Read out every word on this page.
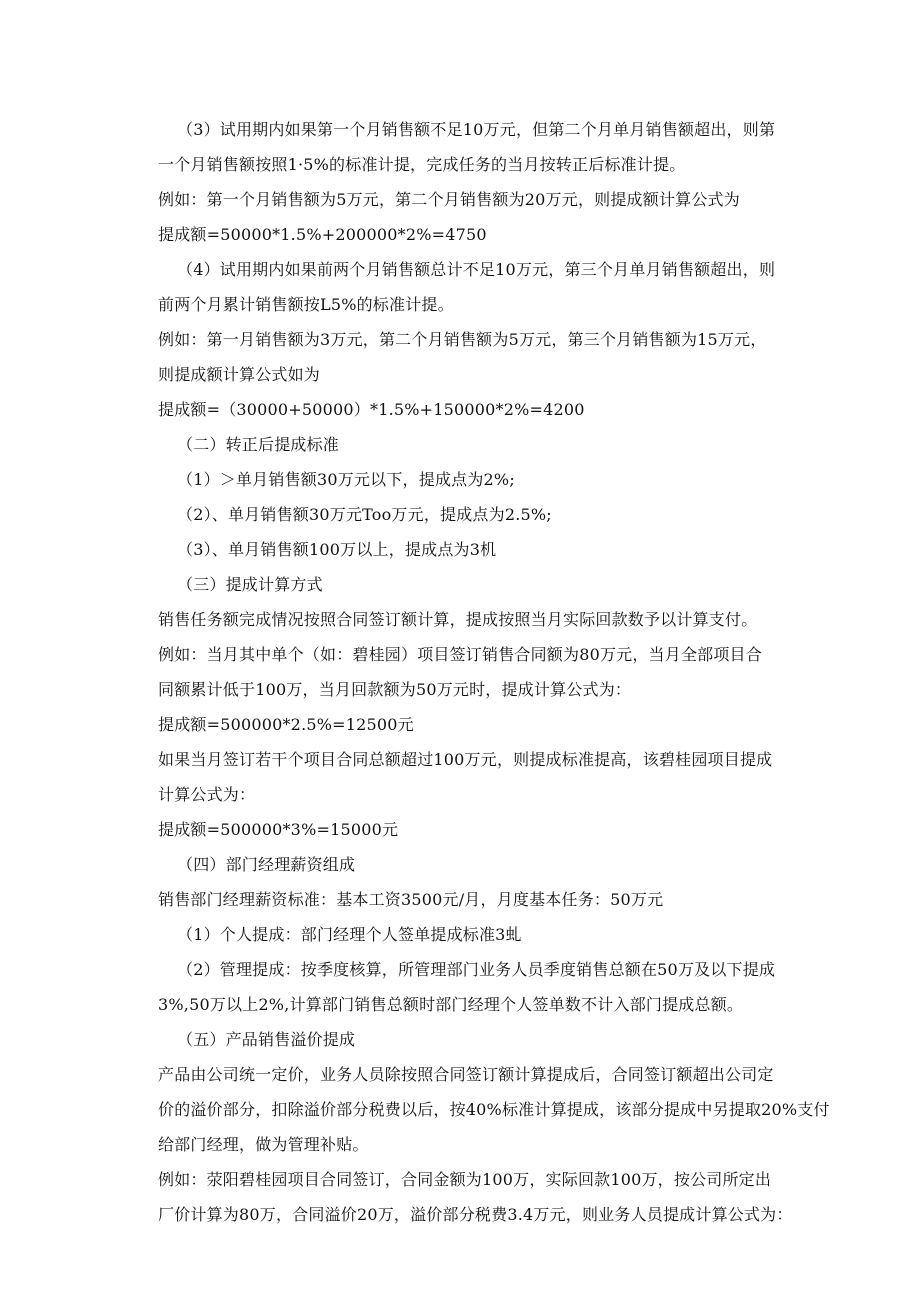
（3）试用期内如果第一个月销售额不足10万元，但第二个月单月销售额超出，则第

一个月销售额按照1·5%的标准计提，完成任务的当月按转正后标准计提。

例如：第一个月销售额为5万元，第二个月销售额为20万元，则提成额计算公式为

提成额=50000*1.5%+200000*2%=4750

（4）试用期内如果前两个月销售额总计不足10万元，第三个月单月销售额超出，则

前两个月累计销售额按L5%的标准计提。

例如：第一月销售额为3万元，第二个月销售额为5万元，第三个月销售额为15万元，

则提成额计算公式如为

提成额=（30000+50000）*1.5%+150000*2%=4200

（二）转正后提成标准

（1）＞单月销售额30万元以下，提成点为2%;

（2）、单月销售额30万元Too万元，提成点为2.5%;

（3）、单月销售额100万以上，提成点为3机

（三）提成计算方式

销售任务额完成情况按照合同签订额计算，提成按照当月实际回款数予以计算支付。

例如：当月其中单个（如：碧桂园）项目签订销售合同额为80万元，当月全部项目合

同额累计低于100万，当月回款额为50万元时，提成计算公式为：

提成额=500000*2.5%=12500元

如果当月签订若干个项目合同总额超过100万元，则提成标准提高，该碧桂园项目提成

计算公式为：

提成额=500000*3%=15000元

（四）部门经理薪资组成

销售部门经理薪资标准：基本工资3500元/月，月度基本任务：50万元

（1）个人提成：部门经理个人签单提成标准3虬

（2）管理提成：按季度核算，所管理部门业务人员季度销售总额在50万及以下提成

3%,50万以上2%,计算部门销售总额时部门经理个人签单数不计入部门提成总额。

（五）产品销售溢价提成

产品由公司统一定价，业务人员除按照合同签订额计算提成后，合同签订额超出公司定

价的溢价部分，扣除溢价部分税费以后，按40%标准计算提成，该部分提成中另提取20%支付

给部门经理，做为管理补贴。

例如：荥阳碧桂园项目合同签订，合同金额为100万，实际回款100万，按公司所定出

厂价计算为80万，合同溢价20万，溢价部分税费3.4万元，则业务人员提成计算公式为：
